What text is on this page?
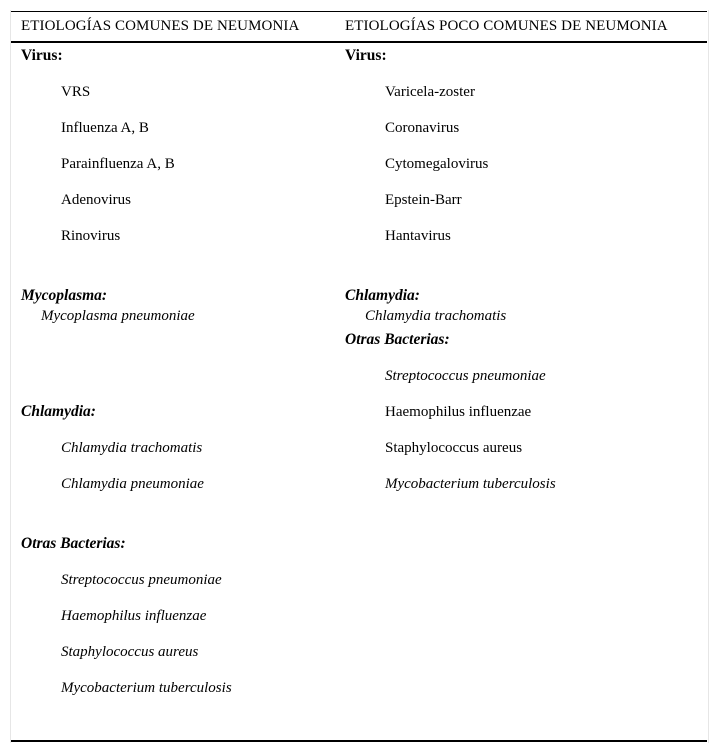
ETIOLOGÍAS COMUNES DE NEUMONIA	ETIOLOGÍAS POCO COMUNES DE NEUMONIA
Virus:
VRS
Influenza A, B
Parainfluenza A, B
Adenovirus
Rinovirus
Mycoplasma:
Mycoplasma pneumoniae
Chlamydia:
Chlamydia trachomatis
Chlamydia pneumoniae
Otras Bacterias:
Streptococcus pneumoniae
Haemophilus influenzae
Staphylococcus aureus
Mycobacterium tuberculosis
Virus:
Varicela-zoster
Coronavirus
Cytomegalovirus
Epstein-Barr
Hantavirus
Chlamydia:
Chlamydia trachomatis
Otras Bacterias:
Streptococcus pneumoniae
Haemophilus influenzae
Staphylococcus aureus
Mycobacterium tuberculosis
